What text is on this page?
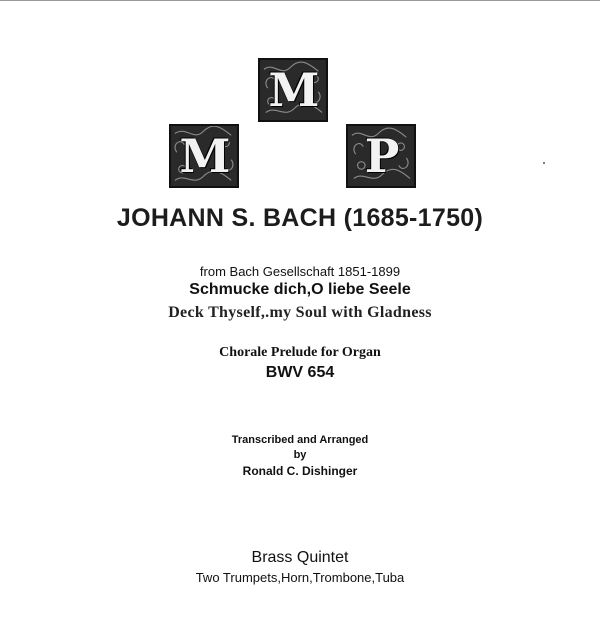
M
M	P
JOHANN S. BACH (1685-1750)
from Bach Gesellschaft 1851-1899
Schmucke dich,O liebe Seele
Deck Thyself,.my Soul with Gladness
Chorale Prelude for Organ
BWV 654
Transcribed and Arranged
by
Ronald C. Dishinger
Brass Quintet
Two Trumpets,Horn,Trombone,Tuba
